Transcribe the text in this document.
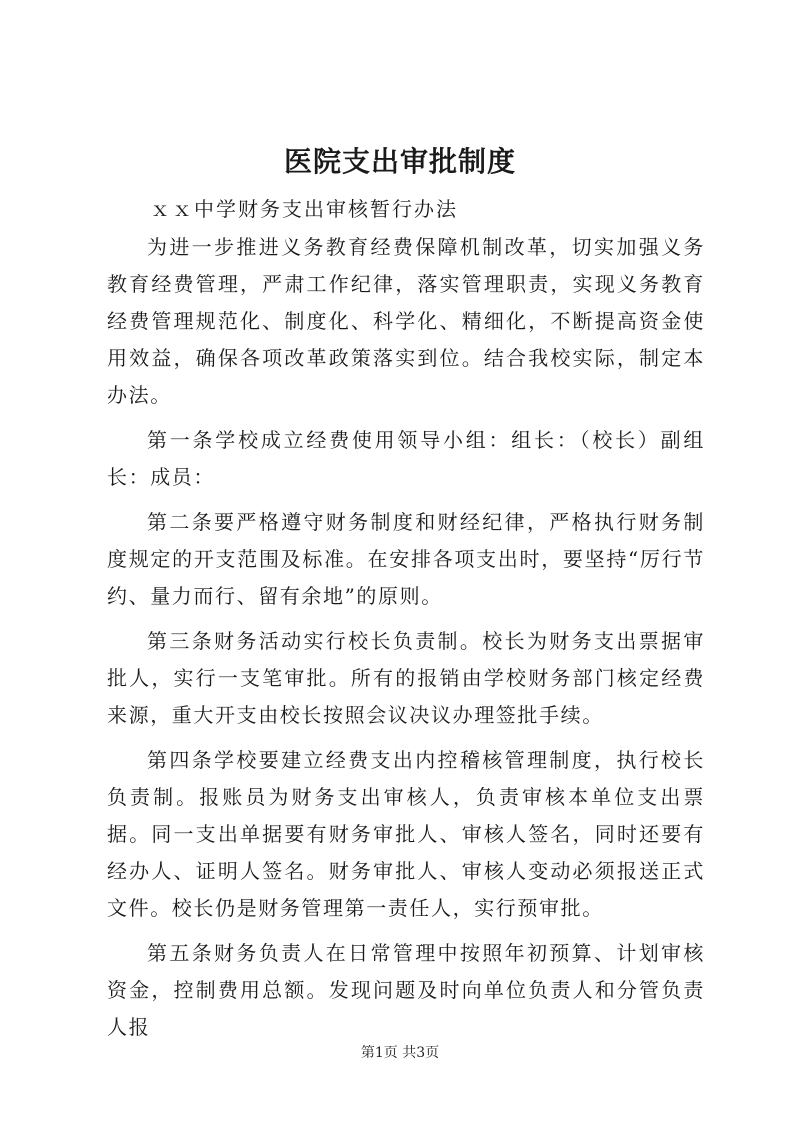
医院支出审批制度

ｘｘ中学财务支出审核暂行办法

为进一步推进义务教育经费保障机制改革，切实加强义务教育经费管理，严肃工作纪律，落实管理职责，实现义务教育经费管理规范化、制度化、科学化、精细化，不断提高资金使用效益，确保各项改革政策落实到位。结合我校实际，制定本办法。

第一条学校成立经费使用领导小组：组长：（校长）副组长：成员：

第二条要严格遵守财务制度和财经纪律，严格执行财务制度规定的开支范围及标准。在安排各项支出时，要坚持“厉行节约、量力而行、留有余地”的原则。

第三条财务活动实行校长负责制。校长为财务支出票据审批人，实行一支笔审批。所有的报销由学校财务部门核定经费来源，重大开支由校长按照会议决议办理签批手续。

第四条学校要建立经费支出内控稽核管理制度，执行校长负责制。报账员为财务支出审核人，负责审核本单位支出票据。同一支出单据要有财务审批人、审核人签名，同时还要有经办人、证明人签名。财务审批人、审核人变动必须报送正式文件。校长仍是财务管理第一责任人，实行预审批。

第五条财务负责人在日常管理中按照年初预算、计划审核资金，控制费用总额。发现问题及时向单位负责人和分管负责人报

第1页 共3页
